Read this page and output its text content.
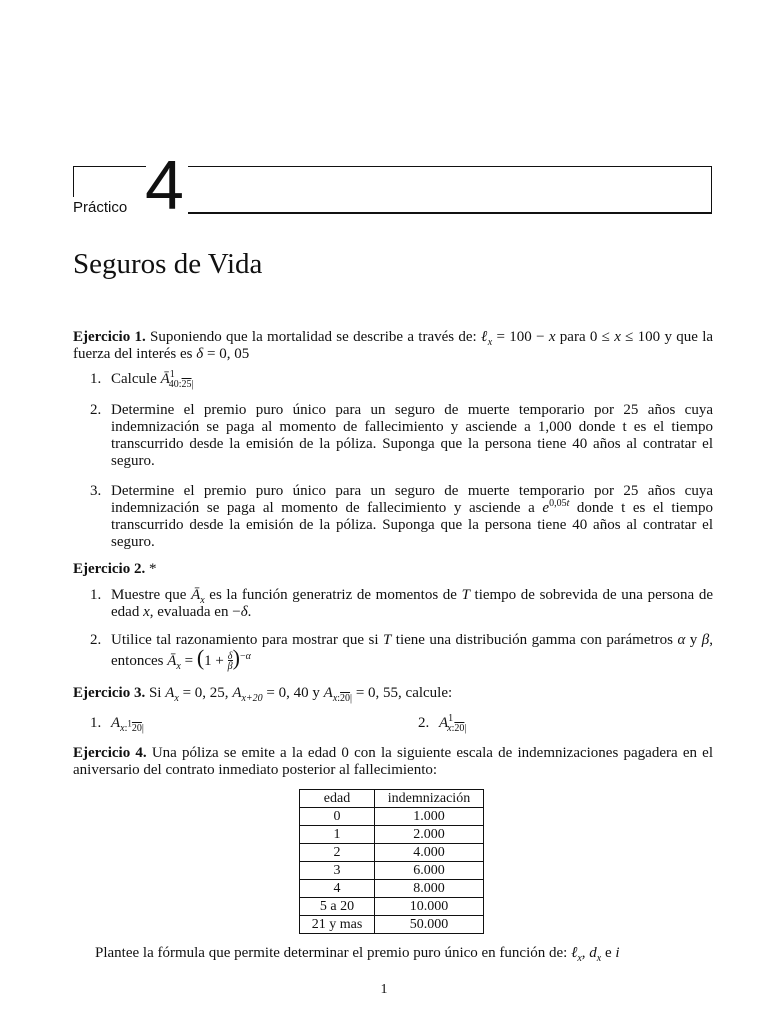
Práctico 4
Seguros de Vida
Ejercicio 1. Suponiendo que la mortalidad se describe a través de: ℓ$_x$ = 100 − x para 0 ≤ x ≤ 100 y que la fuerza del interés es δ = 0, 05
1. Calcule $Ā^1_{40:25|}$
2. Determine el premio puro único para un seguro de muerte temporario por 25 años cuya indemnización se paga al momento de fallecimiento y asciende a 1,000 donde t es el tiempo transcurrido desde la emisión de la póliza. Suponga que la persona tiene 40 años al contratar el seguro.
3. Determine el premio puro único para un seguro de muerte temporario por 25 años cuya indemnización se paga al momento de fallecimiento y asciende a $e^{0,05t}$ donde t es el tiempo transcurrido desde la emisión de la póliza. Suponga que la persona tiene 40 años al contratar el seguro.
Ejercicio 2. *
1. Muestre que $Ā_x$ es la función generatriz de momentos de T tiempo de sobrevida de una persona de edad x, evaluada en −δ.
2. Utilice tal razonamiento para mostrar que si T tiene una distribución gamma con parámetros α y β, entonces $Ā_x = (1 + \frac{\delta}{\beta})^{-\alpha}$
Ejercicio 3. Si $A_x = 0$, 25, $A_{x+20} = 0$, 40 y $A_{x:20|} = 0$, 55, calcule:
1. $A_{x:^120|}$	2. $A^1_{x:20|}$
Ejercicio 4. Una póliza se emite a la edad 0 con la siguiente escala de indemnizaciones pagadera en el aniversario del contrato inmediato posterior al fallecimiento:
edad	indemnización
0	1.000
1	2.000
2	4.000
3	6.000
4	8.000
5 a 20	10.000
21 y mas	50.000
Plantee la fórmula que permite determinar el premio puro único en función de: ℓ$_x$, $d_x$ e i
1
